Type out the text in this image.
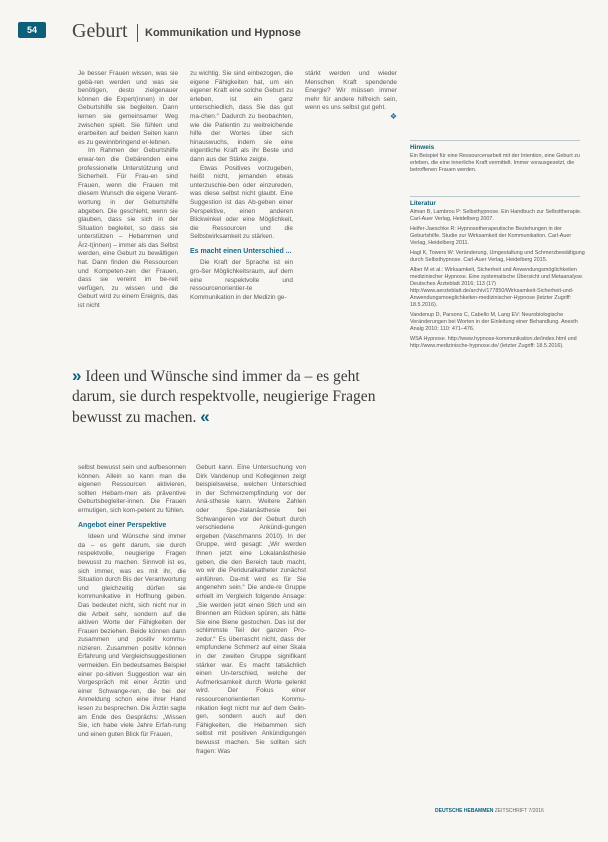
54	Geburt Kommunikation und Hypnose

Je besser Frauen wissen, was sie gebä-ren werden und was sie benötigen, desto zielgenauer können die Expert(innen) in der Geburtshilfe sie begleiten. Dann lernen sie gemeinsamer Weg zwischen spielt. Sie fühlen und erarbeiten auf beiden Seiten kann es zu gewinnbringend er-lebnen.

Im Rahmen der Geburtshilfe erwar-ten die Gebärenden eine professionelle Unterstützung und Sicherheit. Für Frau-en sind Frauen, wenn die Frauen mit diesem Wunsch die eigene Verant-wortung in der Geburtshilfe abgeben. Die geschieht, wenn sie glauben, dass sie sich in der Situation begleitet, so dass sie unterstützen – Hebammen und Ärz-t(innen) – immer als das Selbst werden, eine Geburt zu bewältigen hat. Dann finden die Ressourcen und Kompeten-zen der Frauen, dass sie vereint im be-reit verfügen, zu wissen und die Geburt wird zu einem Ereignis, das ist nicht

zu wichtig. Sie sind einbezogen, die eigene Fähigkeiten hat, um ein eigener Kraft eine solche Geburt zu erleben, ist ein ganz unterschiedlich, dass Sie das gut ma-chen.“ Dadurch zu beobachten, wie die Patientin zu weitreichende hilfe der Wortes über sich hinauswuchs, indem sie eine eigentliche Kraft als ihr Beste und dann aus der Stärke zeigte.

Etwas Positives vorzugeben, heißt nicht, jemanden etwas unterzuschie-ben oder einzureden, was diese selbst nicht glaubt. Eine Suggestion ist das Ab-geben einer Perspektive, einen anderen Blickwinkel oder eine Möglichkeit, die Ressourcen und die Selbstwirksamkeit zu stärken.

Es macht einen Unterschied ...

Die Kraft der Sprache ist ein gro-ßer Möglichkeitsraum, auf dem eine respektvolle und ressourcenorientier-te Kommunikation in der Medizin ge-

stärkt werden und wieder Menschen Kraft spendende Energie? Wir müssen immer mehr für andere hilfreich sein, wenn es uns selbst gut geht.

❖
» Ideen und Wünsche sind immer da – es geht darum, sie durch respektvolle, neugierige Fragen bewusst zu machen. «

selbst bewusst sein und aufbesonnen können. Allein so kann man die eigenen Ressourcen aktivieren, sollten Hebam-men als präventive Geburtsbegleiter-innen. Die Frauen ermutigen, sich kom-petent zu fühlen.

Angebot einer Perspektive

Ideen und Wünsche sind immer da – es geht darum, sie durch respektvolle, neugierige Fragen bewusst zu machen. Sinnvoll ist es, sich immer, was es mit ihr, die Situation durch Bis der Verantwortung und gleichzeitig dürfen sie kommunikative in Hoffnung geben. Das bedeutet nicht, sich nicht nur in die Arbeit sehr, sondern auf die aktiven Worte der Fähigkeiten der Frauen beziehen. Beide können dann zusammen und positiv kommu-nizieren. Zusammen positiv können Erfahrung und Vergleichsuggestionen vermeiden. Ein bedeutsames Beispiel einer po-sitiven Suggestion war ein Vorgespräch mit einer Ärztin und einer Schwange-ren, die bei der Anmeldung schon eine ihrer Hand lesen zu besprechen. Die Ärztin sagte am Ende des Gesprächs: „Wissen Sie, ich habe viele Jahre Erfah-rung und einen guten Blick für Frauen,

Geburt kann. Eine Untersuchung von Dirk Vandenup und Kolleginnen zeigt beispielsweise, welchen Unterschied in der Schmerzempfindung vor der Anä-sthesie kann. Weitere Zahlen oder Spe-zialanästhesie bei Schwangeren vor der Geburt durch verschiedene Ankündi-gungen ergeben (Vaschmanns 2010). In der Gruppe, wird gesagt: „Wir werden Ihnen jetzt eine Lokalanästhesie geben, die den Bereich taub macht, wo wir die Periduralkatheter zunächst einführen. Da-mit wird es für Sie angenehm sein.“ Die ande-re Gruppe erhielt im Vergleich folgende Ansage: „Sie werden jetzt einen Stich und ein Brennen am Rücken spüren, als hätte Sie eine Biene gestochen. Das ist der schlimmste Teil der ganzen Pro-zedur.“ Es überrascht nicht, dass der empfundene Schmerz auf einer Skala in der zweiten Gruppe signifikant stärker war. Es macht tatsächlich einen Un-terschied, welche der Aufmerksamkeit durch Worte gelenkt wird. Der Fokus einer ressourcenorientierten Kommu-nikation liegt nicht nur auf dem Gelin-gen, sondern auch auf den Fähigkeiten, die Hebammen sich selbst mit positiven Ankündigungen bewusst machen. Sie sollten sich fragen: Was

Hinweis
Ein Beispiel für eine Ressourcenarbeit mit der Intention, eine Geburt zu erleben, die eine innerliche Kraft vermittelt. Immer vorausgesetzt, die betroffenen Frauen werden.
Literatur
Alman B, Lambrou P: Selbsthypnose. Ein Handbuch zur Selbsttherapie. Carl-Auer Verlag, Heidelberg 2007.
Helfer-Jaeschke R: Hypnosetherapeutische Beziehungen in der Geburtshilfe. Studie zur Wirksamkeit der Kommunikation. Carl-Auer Verlag, Heidelberg 2011.
Hagl K, Towers W: Veränderung, Umgestaltung und Schmerzbewältigung durch Selbsthypnose. Carl-Auer Verlag, Heidelberg 2015.
Alber M et al.: Wirksamkeit, Sicherheit und Anwendungsmöglichkeiten medizinischer Hypnose. Eine systematische Übersicht und Metaanalyse. Deutsches Ärzteblatt 2016; 113 (17) http://www.aerzteblatt.de/archiv/177850/Wirksamkeit-Sicherheit-und-Anwendungsmoeglichkeiten-medizinischer-Hypnose (letzter Zugriff: 18.5.2016).
Vandenup D, Parsons C, Cabello M, Lang EV: Neurobiologische Veränderungen bei Worten in der Einleitung einer Behandlung. Anesth Analg 2010; 110: 471–476.
WSA Hypnose. http://www.hypnose-kommunikation.de/index.html und http://www.medizinische-hypnose.de/ (letzter Zugriff: 18.5.2016).
DEUTSCHE HEBAMMEN ZEITSCHRIFT 7/2016
